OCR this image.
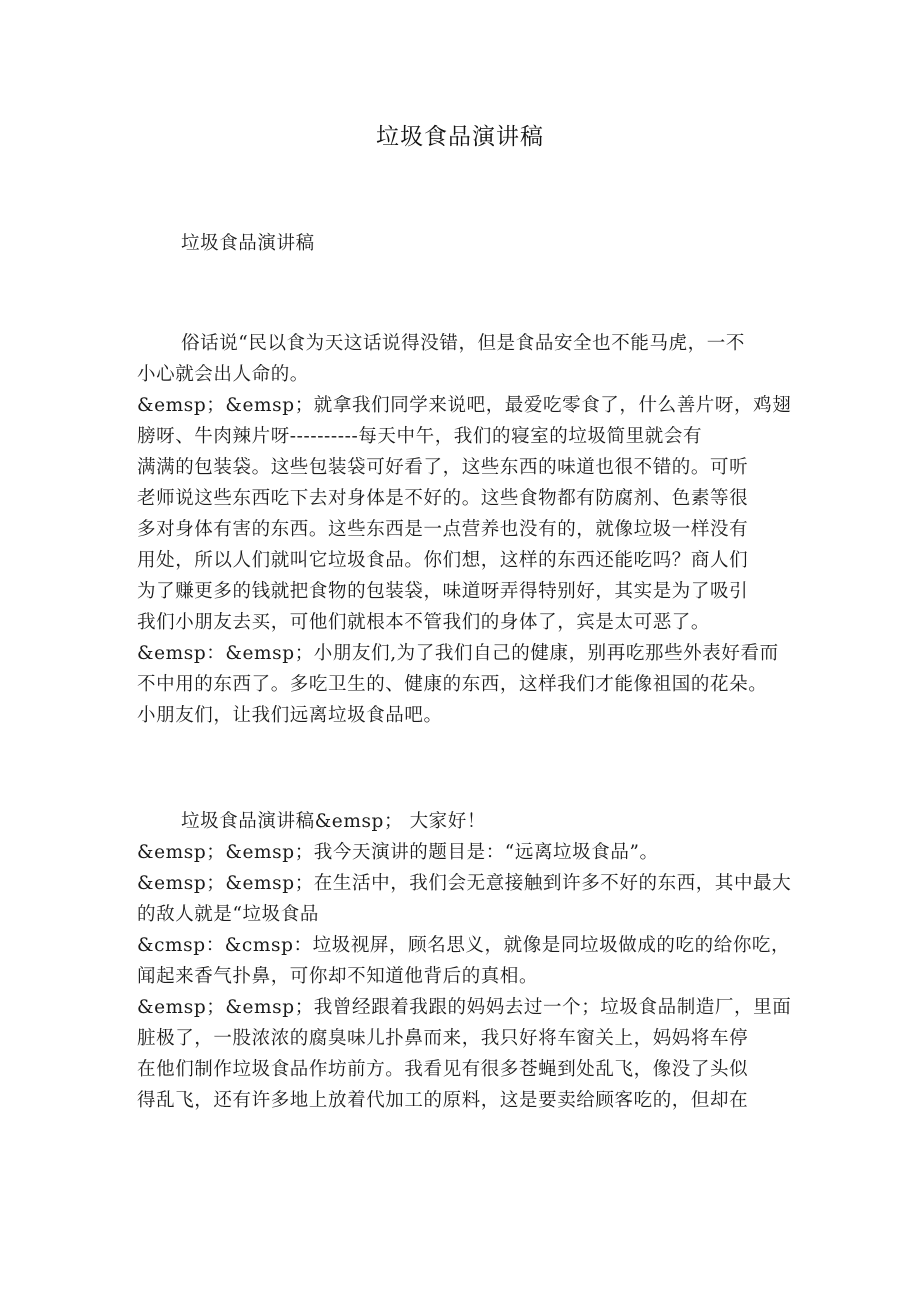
垃圾食品演讲稿
垃圾食品演讲稿
俗话说“民以食为天这话说得没错，但是食品安全也不能马虎，一不
小心就会出人命的。
&emsp；&emsp；就拿我们同学来说吧，最爱吃零食了，什么善片呀，鸡翅
膀呀、牛肉辣片呀----------每天中午，我们的寝室的垃圾简里就会有
满满的包装袋。这些包装袋可好看了，这些东西的味道也很不错的。可听
老师说这些东西吃下去对身体是不好的。这些食物都有防腐剂、色素等很
多对身体有害的东西。这些东西是一点营养也没有的，就像垃圾一样没有
用处，所以人们就叫它垃圾食品。你们想，这样的东西还能吃吗？商人们
为了赚更多的钱就把食物的包装袋，味道呀弄得特别好，其实是为了吸引
我们小朋友去买，可他们就根本不管我们的身体了，宾是太可恶了。
&emsp：&emsp；小朋友们,为了我们自己的健康，别再吃那些外表好看而
不中用的东西了。多吃卫生的、健康的东西，这样我们才能像祖国的花朵。
小朋友们，让我们远离垃圾食品吧。
垃圾食品演讲稿&emsp； 大家好！
&emsp；&emsp；我今天演讲的题目是：“远离垃圾食品”。
&emsp；&emsp；在生活中，我们会无意接触到许多不好的东西，其中最大
的敌人就是“垃圾食品
&cmsp：&cmsp：垃圾视屏，顾名思义，就像是同垃圾做成的吃的给你吃，
闻起来香气扑鼻，可你却不知道他背后的真相。
&emsp；&emsp；我曾经跟着我跟的妈妈去过一个；垃圾食品制造厂，里面
脏极了，一股浓浓的腐臭味儿扑鼻而来，我只好将车窗关上，妈妈将车停
在他们制作垃圾食品作坊前方。我看见有很多苍蝇到处乱飞，像没了头似
得乱飞，还有许多地上放着代加工的原料，这是要卖给顾客吃的，但却在
